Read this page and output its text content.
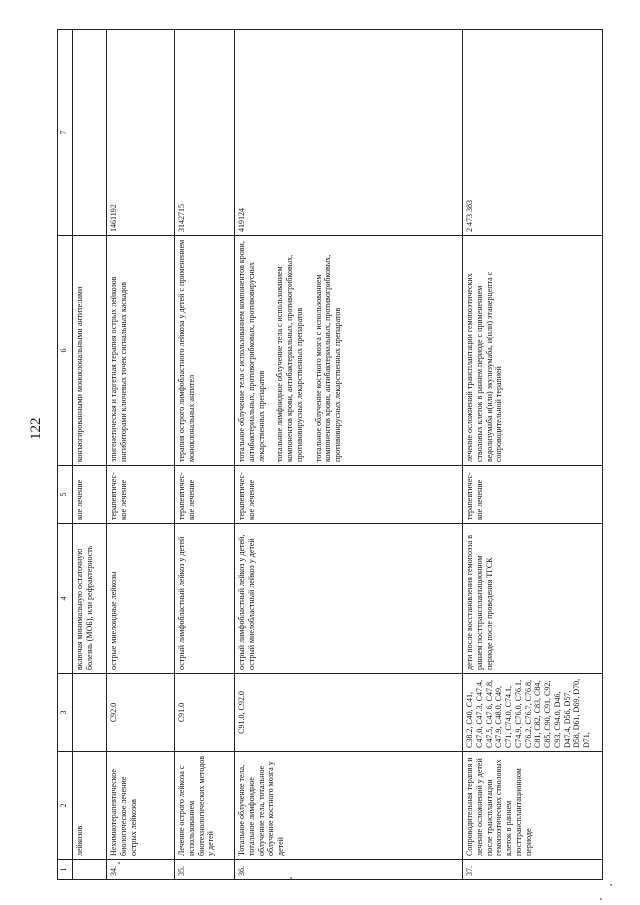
122
1	2	3	4	5	6	7
	лейкозов		включая минимальную остаточную болезнь (МОБ), или рефрактерность	кое лечение	конъюгированными моноклональными антителами	

34.	Нехимиотерапевтическое биологическое лечение острых лейкозов	C92.0	острые миелоидные лейкозы	терапевтичес-кое лечение	эпигенетическая и таргетная терапия острых лейкозов ингибиторами ключевых точек сигнальных каскадов	1461192
35.	Лечение острого лейкоза с использованием биотехнологических методов у детей	C91.0	острый лимфобластный лейкоз у детей	терапевтичес-кое лечение	терапия острого лимфобластного лейкоза у детей с применением моноклональных антител	3142715
36.	Тотальное облучение тела, тотальное лимфоидное облучение тела, тотальное облучение костного мозга у детей	C91.0, C92.0	острый лимфобластный лейкоз у детей, острый миелобластный лейкоз у детей	терапевтичес-кое лечение	тотальное облучение тела с использованием компонентов крови, антибактериальных, противогрибковых, противовирусных лекарственных препаратов тотальное лимфоидное облучение тела с использованием компонентов крови, антибактериальных, противогрибковых, противовирусных лекарственных препаратов тотальное облучение костного мозга с использованием компонентов крови, антибактериальных, противогрибковых, противовирусных лекарственных препаратов	419124
37.	Сопроводительная терапия и лечение осложнений у детей после трансплантации гемопоэтических стволовых клеток в раннем посттрансплантационном периоде	C38.2, C40, C41, C47.0, C47.3, C47.4, C47.5, C47.6, C47.8, C47.9, C48.0, C49, C71, C74.0, C74.1, C74.9, C76.0, C76.1, C76.2, C76.7, C76.8, C81, C82, C83, C84, C85, C90, C91, C92, C93, C94.0, D46, D47.4, D56, D57, D58, D61, D69, D70, D71,	дети после восстановления гемопоэза в раннем посттрансплантационном периоде после проведения ТГСК	терапевтичес-кое лечение	лечение осложнений трансплантации гемопоэтических стволовых клеток в раннем периоде с применением ведолизумаба и(или) экулизумаба, и(или) этанерцепта с сопроводительной терапией	2 473 383
